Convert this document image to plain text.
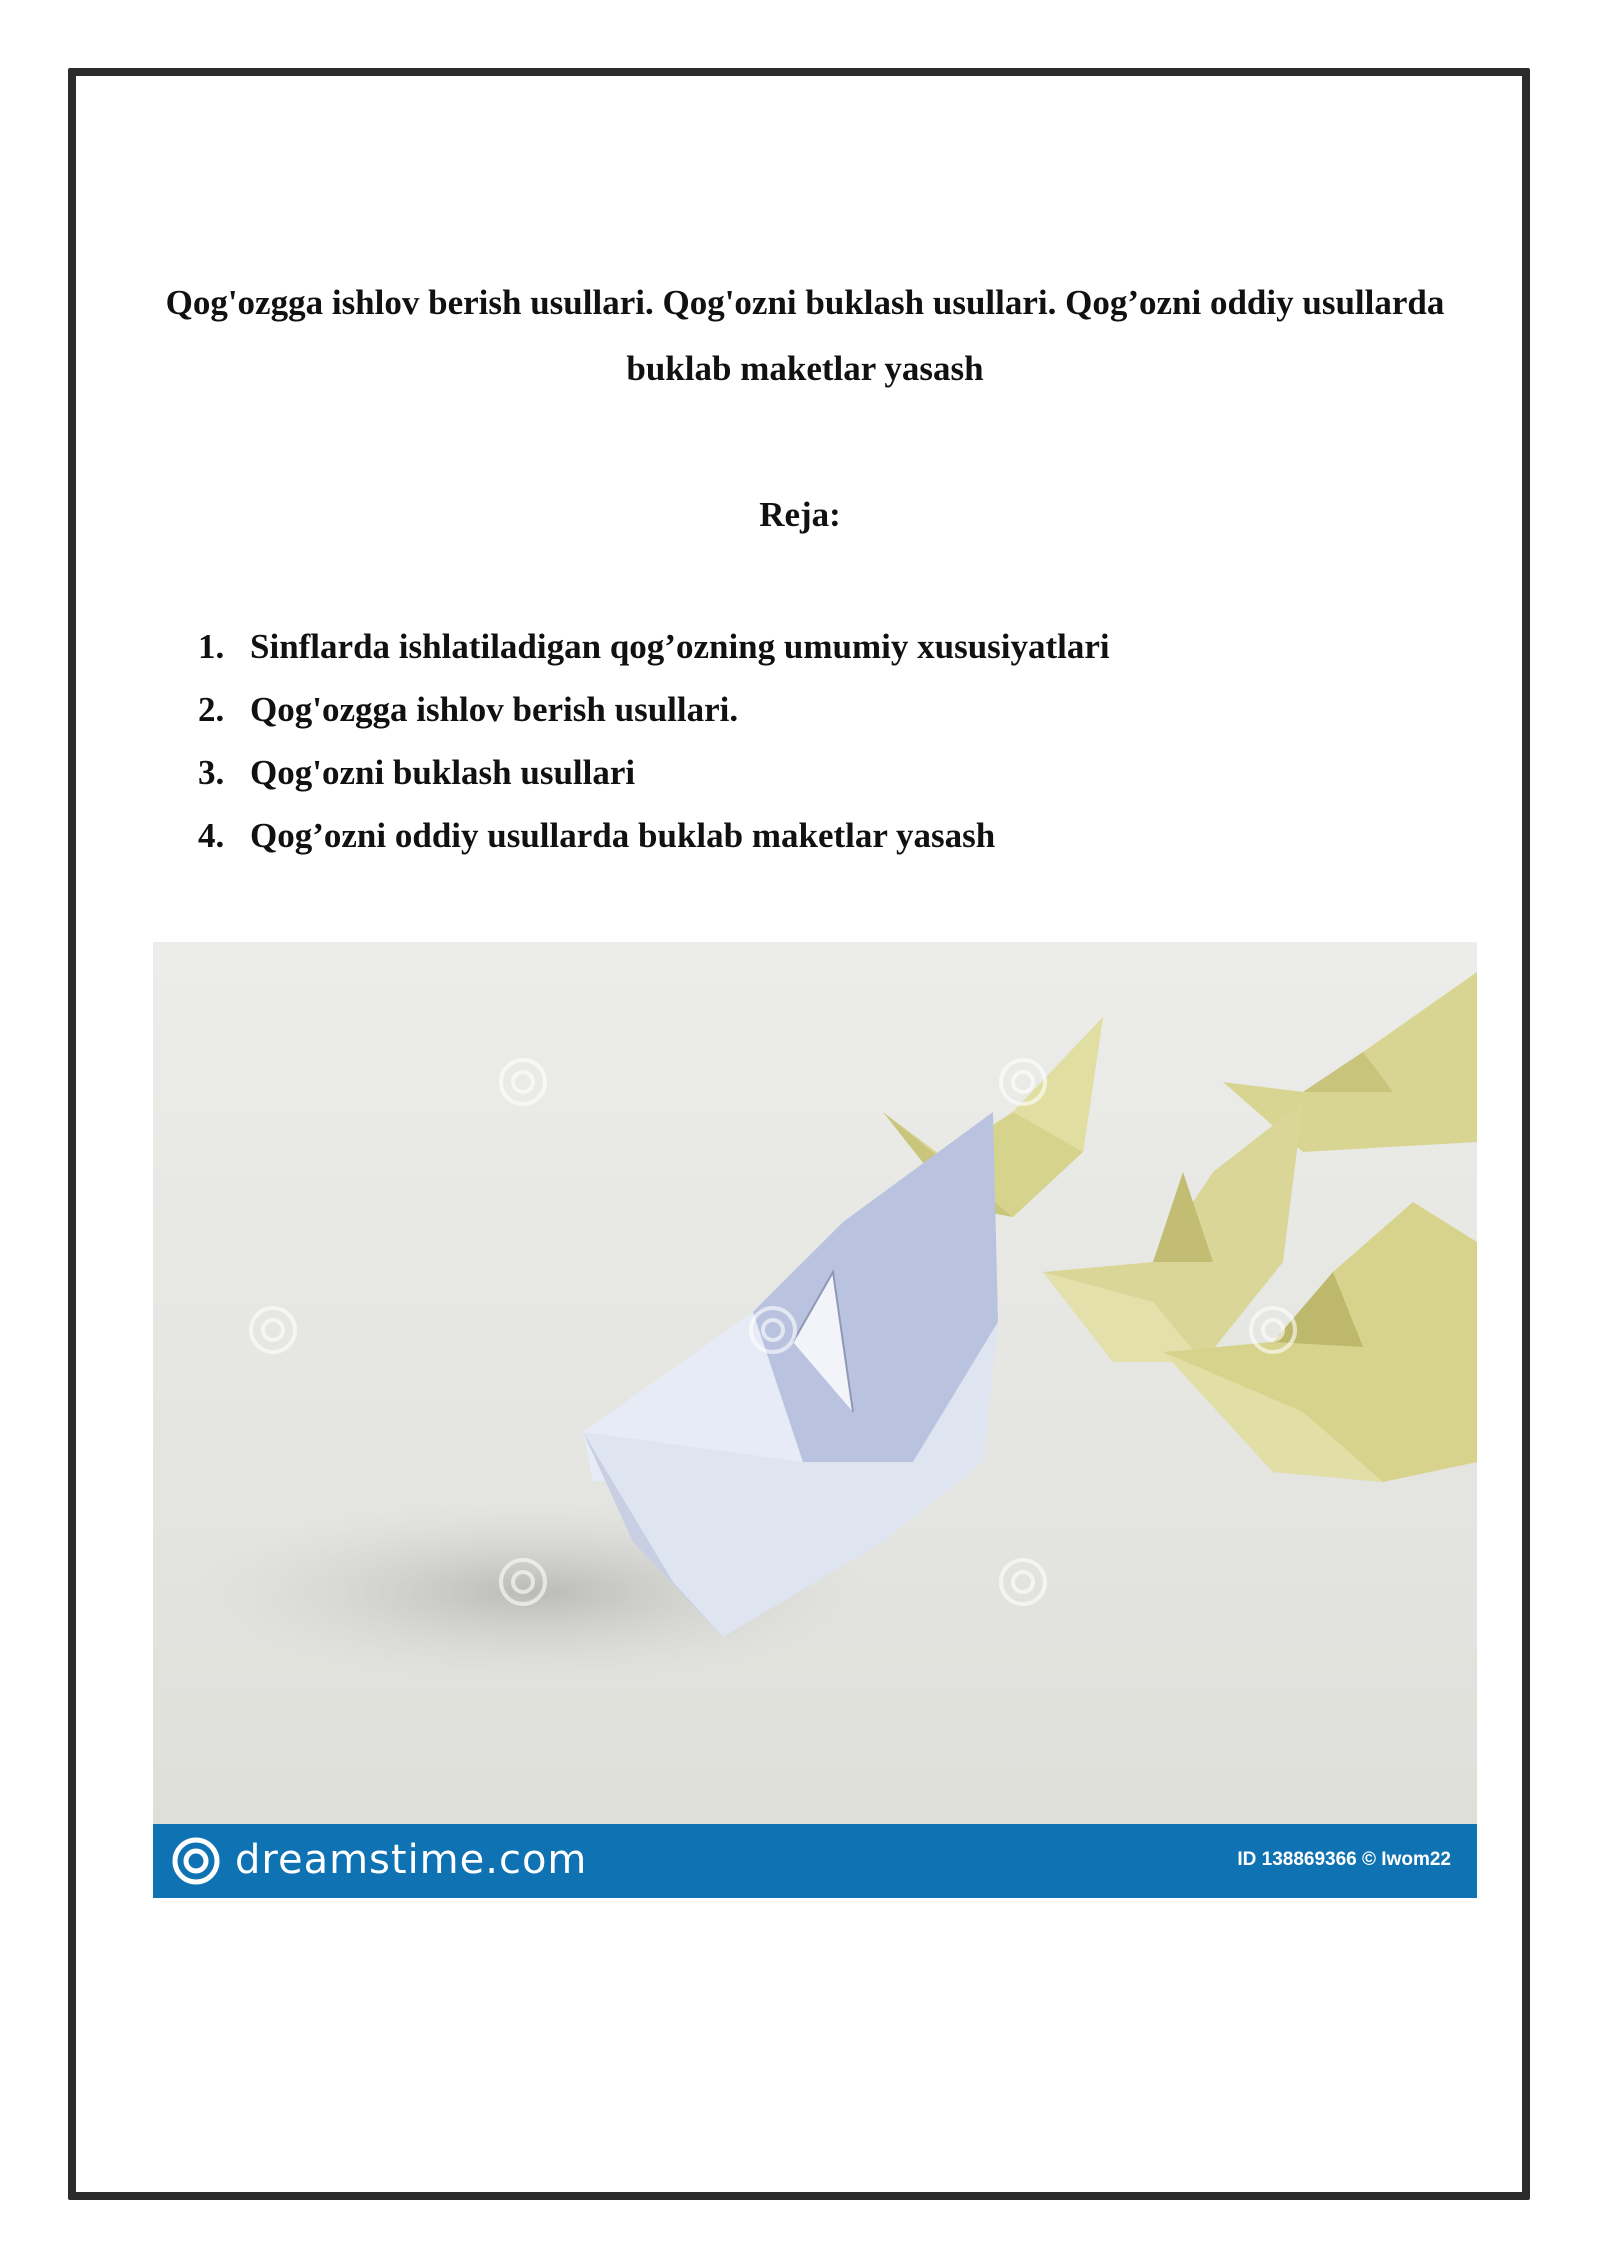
Qog'ozgga ishlov berish usullari. Qog'ozni buklash usullari. Qog’ozni oddiy usullarda buklab maketlar yasash
Reja:
1. Sinflarda ishlatiladigan qog’ozning umumiy xususiyatlari
2. Qog'ozgga ishlov berish usullari.
3. Qog'ozni buklash usullari
4. Qog’ozni oddiy usullarda buklab maketlar yasash
dreamstime.com	ID 138869366 © Iwom22
